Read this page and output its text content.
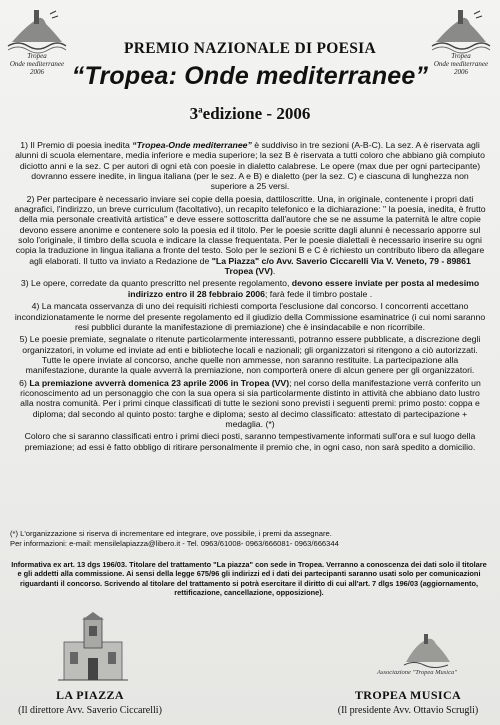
Tropea
Onde mediterranee
2006
Tropea
Onde mediterranee
2006
PREMIO NAZIONALE DI POESIA
“Tropea: Onde mediterranee”
3$^a$edizione - 2006

1) Il Premio di poesia inedita “Tropea-Onde mediterranee” è suddiviso in tre sezioni (A-B-C). La sez. A è riservata agli alunni di scuola elementare, media inferiore e media superiore; la sez B è riservata a tutti coloro che abbiano già compiuto diciotto anni e la sez. C per autori di ogni età con poesie in dialetto calabrese. Le opere (max due per ogni partecipante) dovranno essere inedite, in lingua italiana (per le sez. A e B) e dialetto (per la sez. C) e ciascuna di lunghezza non superiore a 25 versi.

2) Per partecipare è necessario inviare sei copie della poesia, dattiloscritte. Una, in originale, contenente i propri dati anagrafici, l'indirizzo, un breve curriculum (facoltativo), un recapito telefonico e la dichiarazione: " la poesia, inedita, è frutto della mia personale creatività artistica" e deve essere sottoscritta dall'autore che se ne assume la paternità le altre copie devono essere anonime e contenere solo la poesia ed il titolo. Per le poesie scritte dagli alunni è necessario apporre sul solo l'originale, il timbro della scuola e indicare la classe frequentata. Per le poesie dialettali è necessario inserire su ogni copia la traduzione in lingua italiana a fronte del testo. Solo per le sezioni B e C è richiesto un contributo libero da allegare agli elaborati. Il tutto va inviato a Redazione de "La Piazza" c/o Avv. Saverio Ciccarelli Via V. Veneto, 79 - 89861 Tropea (VV).

3) Le opere, corredate da quanto prescritto nel presente regolamento, devono essere inviate per posta al medesimo indirizzo entro il 28 febbraio 2006; farà fede il timbro postale .

4) La mancata osservanza di uno dei requisiti richiesti comporta l'esclusione dal concorso. I concorrenti accettano incondizionatamente le norme del presente regolamento ed il giudizio della Commissione esaminatrice (i cui nomi saranno resi pubblici durante la manifestazione di premiazione) che è insindacabile e non ricorribile.

5) Le poesie premiate, segnalate o ritenute particolarmente interessanti, potranno essere pubblicate, a discrezione degli organizzatori, in volume ed inviate ad enti e biblioteche locali e nazionali; gli organizzatori si ritengono a ciò autorizzati. Tutte le opere inviate al concorso, anche quelle non ammesse, non saranno restituite. La partecipazione alla manifestazione, durante la quale avverrà la premiazione, non comporterà onere di alcun genere per gli organizzatori.

6) La premiazione avverrà domenica 23 aprile 2006 in Tropea (VV); nel corso della manifestazione verrà conferito un riconoscimento ad un personaggio che con la sua opera si sia particolarmente distinto in attività che abbiano dato lustro alla nostra comunità. Per i primi cinque classificati di tutte le sezioni sono previsti i seguenti premi: primo posto: coppa e diploma; dal secondo al quinto posto: targhe e diploma; sesto al decimo classificato: attestato di partecipazione + medaglia. (*)

Coloro che si saranno classificati entro i primi dieci posti, saranno tempestivamente informati sull'ora e sul luogo della premiazione; ad essi è fatto obbligo di ritirare personalmente il premio che, in ogni caso, non sarà spedito a domicilio.

(*) L'organizzazione si riserva di incrementare ed integrare, ove possibile, i premi da assegnare.
Per informazioni: e-mail: mensilelapiazza@libero.it - Tel. 0963/61008- 0963/666081- 0963/666344
Informativa ex art. 13 dgs 196/03. Titolare del trattamento "La piazza" con sede in Tropea. Verranno a conoscenza dei dati solo il titolare e gli addetti alla commissione. Ai sensi della legge 675/96 gli indirizzi ed i dati dei partecipanti saranno usati solo per comunicazioni riguardanti il concorso. Scrivendo al titolare del trattamento si potrà esercitare il diritto di cui all'art. 7 dlgs 196/03 (aggiornamento, rettificazione, cancellazione, opposizione).
Associazione "Tropea Musica"
LA PIAZZA
(Il direttore Avv. Saverio Ciccarelli)
TROPEA MUSICA
(Il presidente Avv. Ottavio Scrugli)
